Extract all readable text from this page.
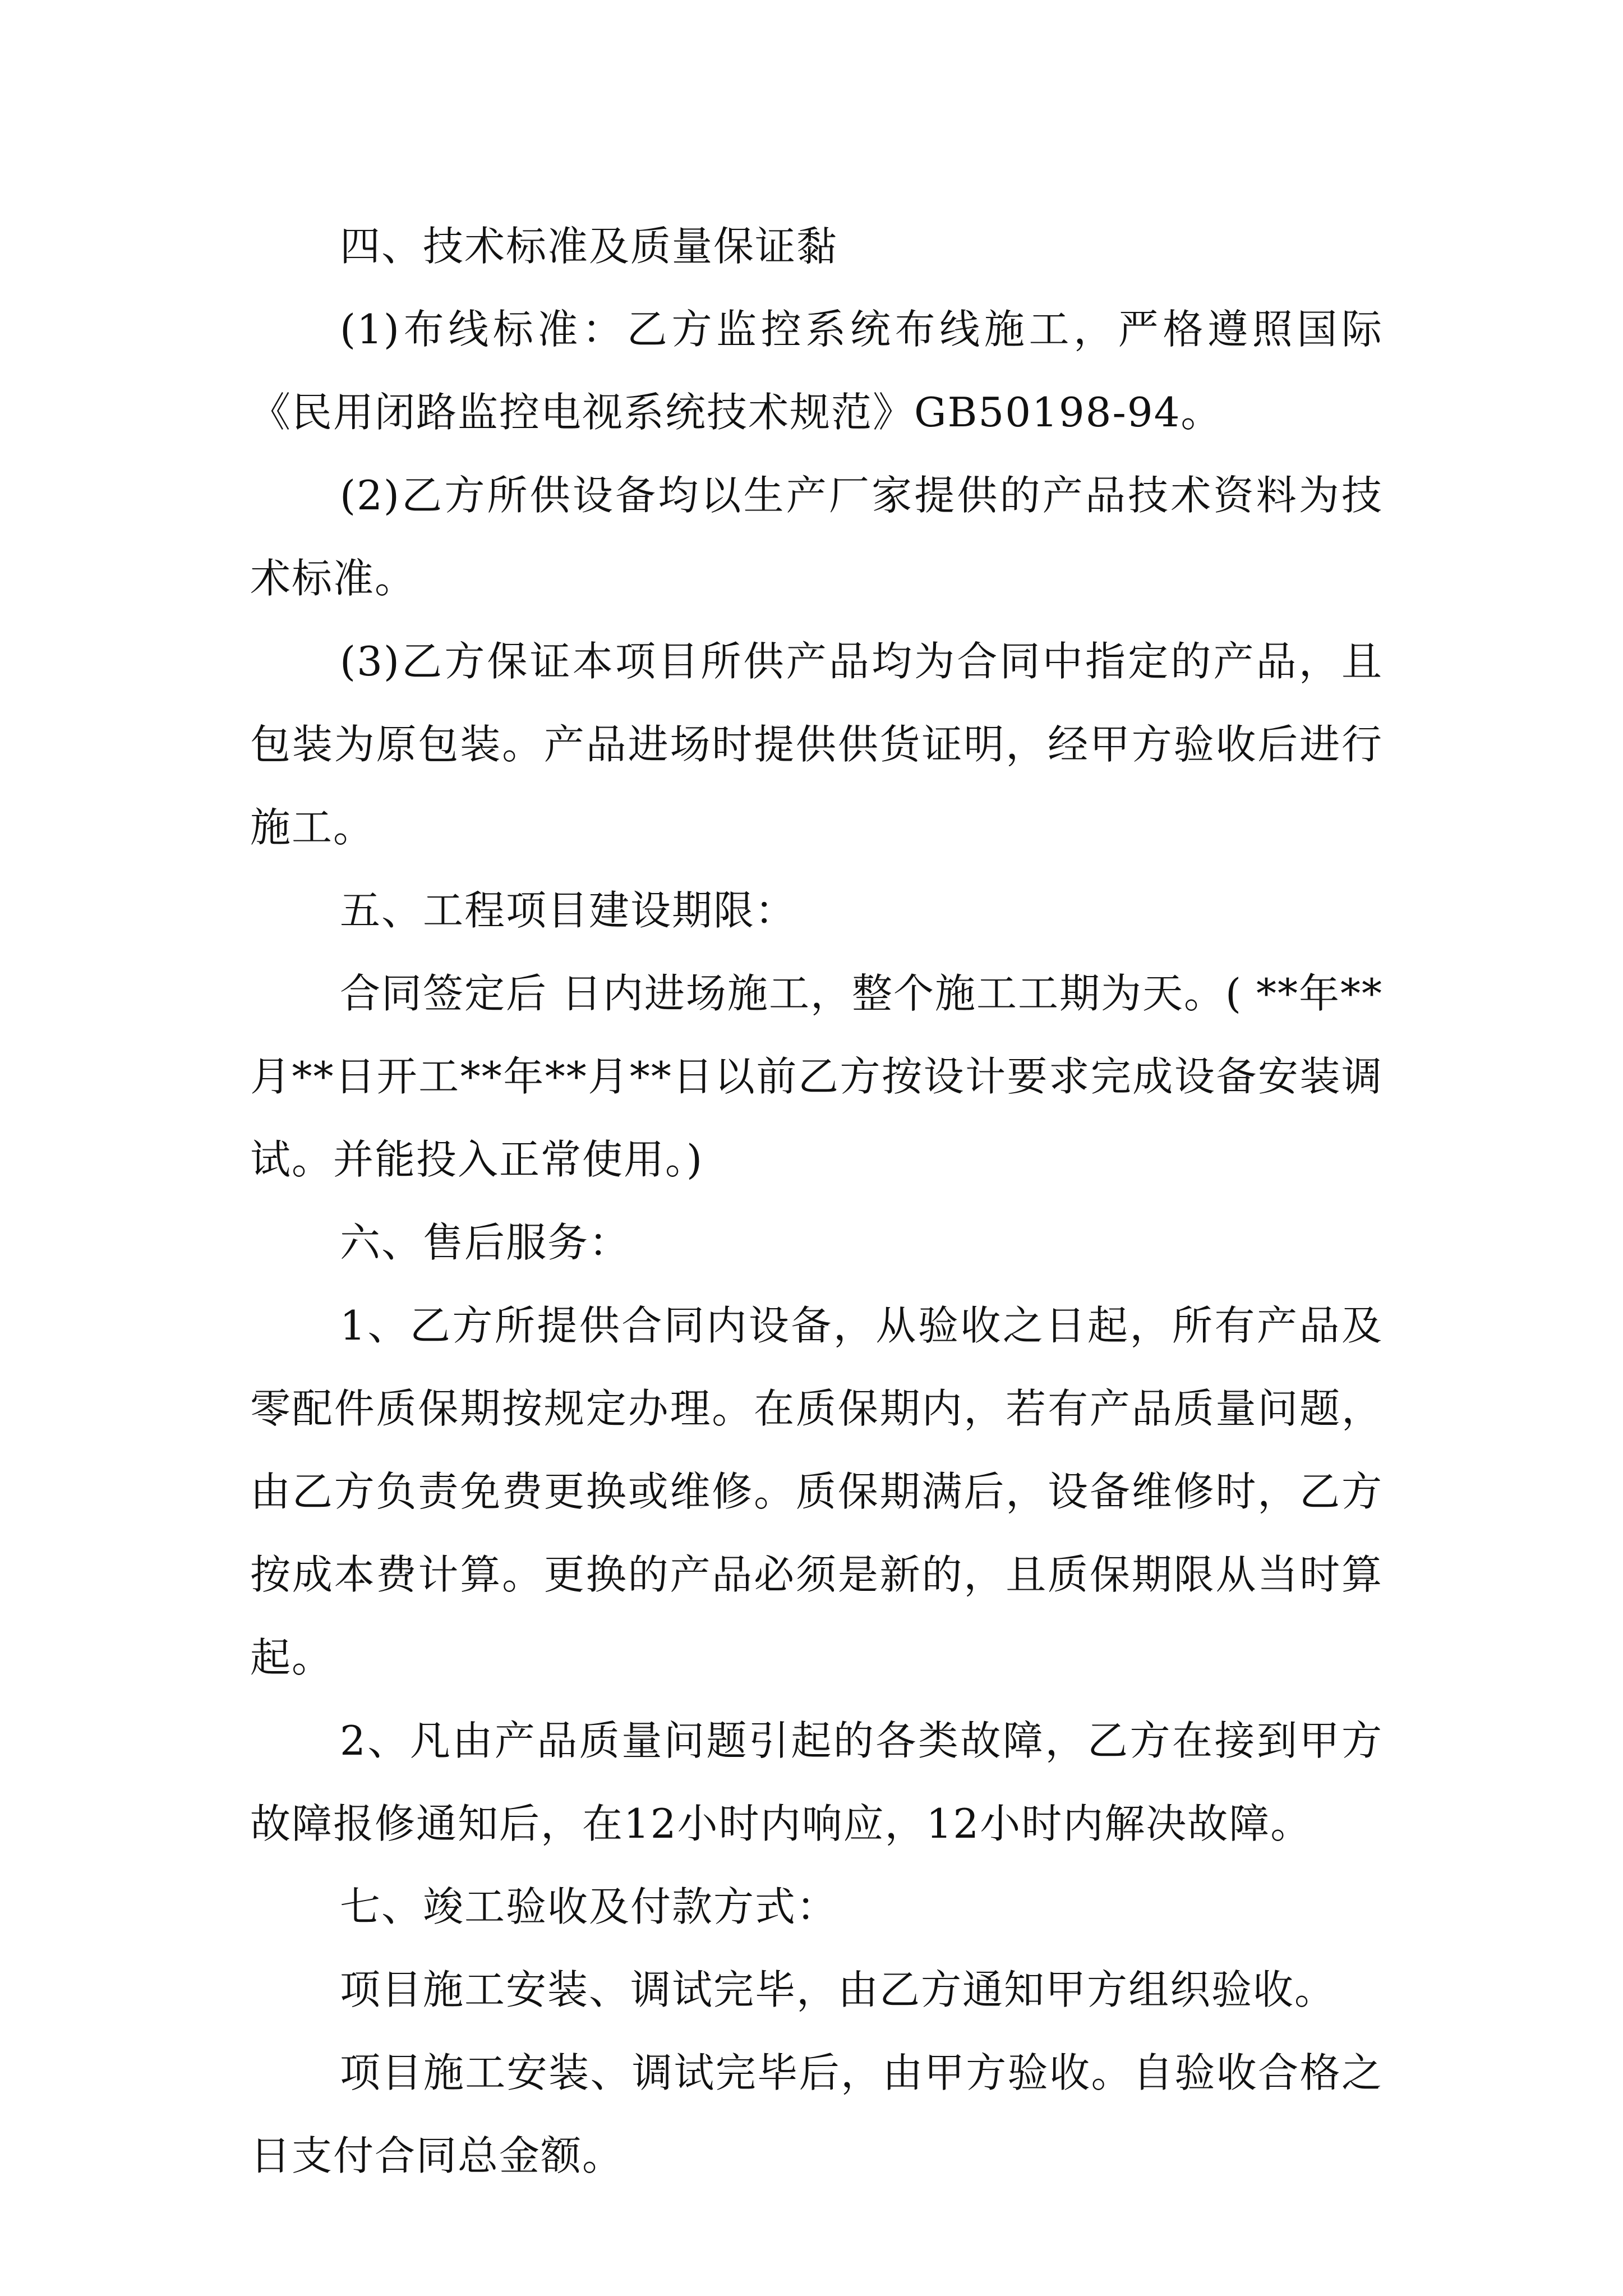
四、技术标准及质量保证黏

(1)布线标准：乙方监控系统布线施工，严格遵照国际《民用闭路监控电视系统技术规范》GB50198-94。

(2)乙方所供设备均以生产厂家提供的产品技术资料为技术标准。

(3)乙方保证本项目所供产品均为合同中指定的产品，且包装为原包装。产品进场时提供供货证明，经甲方验收后进行施工。

五、工程项目建设期限：

合同签定后 日内进场施工，整个施工工期为天。( **年**月**日开工**年**月**日以前乙方按设计要求完成设备安装调试。并能投入正常使用。)

六、售后服务：

1、乙方所提供合同内设备，从验收之日起，所有产品及零配件质保期按规定办理。在质保期内，若有产品质量问题，由乙方负责免费更换或维修。质保期满后，设备维修时，乙方按成本费计算。更换的产品必须是新的，且质保期限从当时算起。

2、凡由产品质量问题引起的各类故障，乙方在接到甲方故障报修通知后，在12小时内响应，12小时内解决故障。

七、竣工验收及付款方式：

项目施工安装、调试完毕，由乙方通知甲方组织验收。

项目施工安装、调试完毕后，由甲方验收。自验收合格之日支付合同总金额。
